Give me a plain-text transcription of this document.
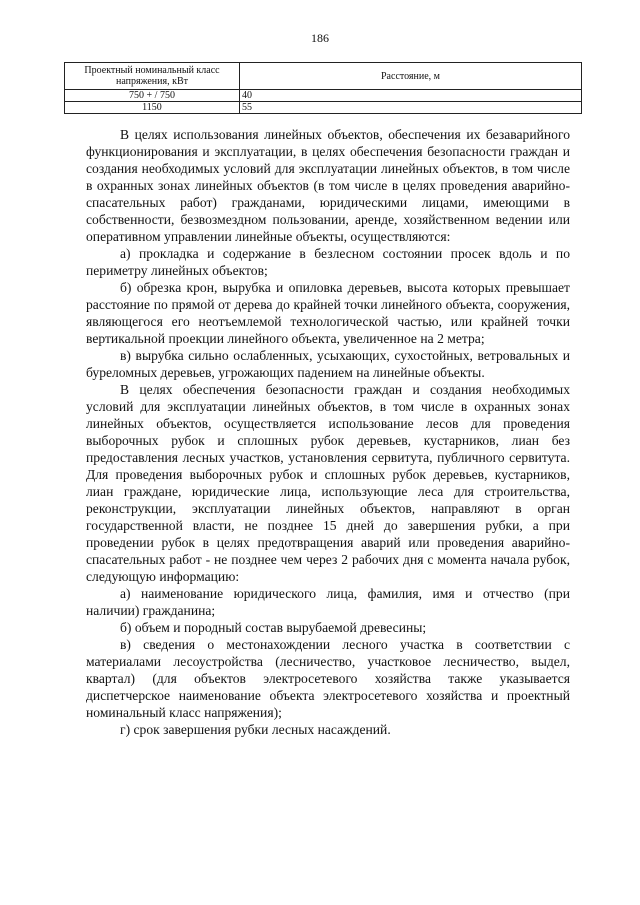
186
Проектный номинальный класс напряжения, кВт	Расстояние, м
750 + / 750	40
1150	55

В целях использования линейных объектов, обеспечения их безаварийного функционирования и эксплуатации, в целях обеспечения безопасности граждан и создания необходимых условий для эксплуатации линейных объектов, в том числе в охранных зонах линейных объектов (в том числе в целях проведения аварийно-спасательных работ) гражданами, юридическими лицами, имеющими в собственности, безвозмездном пользовании, аренде, хозяйственном ведении или оперативном управлении линейные объекты, осуществляются:

а) прокладка и содержание в безлесном состоянии просек вдоль и по периметру линейных объектов;

б) обрезка крон, вырубка и опиловка деревьев, высота которых превышает расстояние по прямой от дерева до крайней точки линейного объекта, сооружения, являющегося его неотъемлемой технологической частью, или крайней точки вертикальной проекции линейного объекта, увеличенное на 2 метра;

в) вырубка сильно ослабленных, усыхающих, сухостойных, ветровальных и буреломных деревьев, угрожающих падением на линейные объекты.

В целях обеспечения безопасности граждан и создания необходимых условий для эксплуатации линейных объектов, в том числе в охранных зонах линейных объектов, осуществляется использование лесов для проведения выборочных рубок и сплошных рубок деревьев, кустарников, лиан без предоставления лесных участков, установления сервитута, публичного сервитута. Для проведения выборочных рубок и сплошных рубок деревьев, кустарников, лиан граждане, юридические лица, использующие леса для строительства, реконструкции, эксплуатации линейных объектов, направляют в орган государственной власти, не позднее 15 дней до завершения рубки, а при проведении рубок в целях предотвращения аварий или проведения аварийно-спасательных работ - не позднее чем через 2 рабочих дня с момента начала рубок, следующую информацию:

а) наименование юридического лица, фамилия, имя и отчество (при наличии) гражданина;

б) объем и породный состав вырубаемой древесины;

в) сведения о местонахождении лесного участка в соответствии с материалами лесоустройства (лесничество, участковое лесничество, выдел, квартал) (для объектов электросетевого хозяйства также указывается диспетчерское наименование объекта электросетевого хозяйства и проектный номинальный класс напряжения);

г) срок завершения рубки лесных насаждений.
